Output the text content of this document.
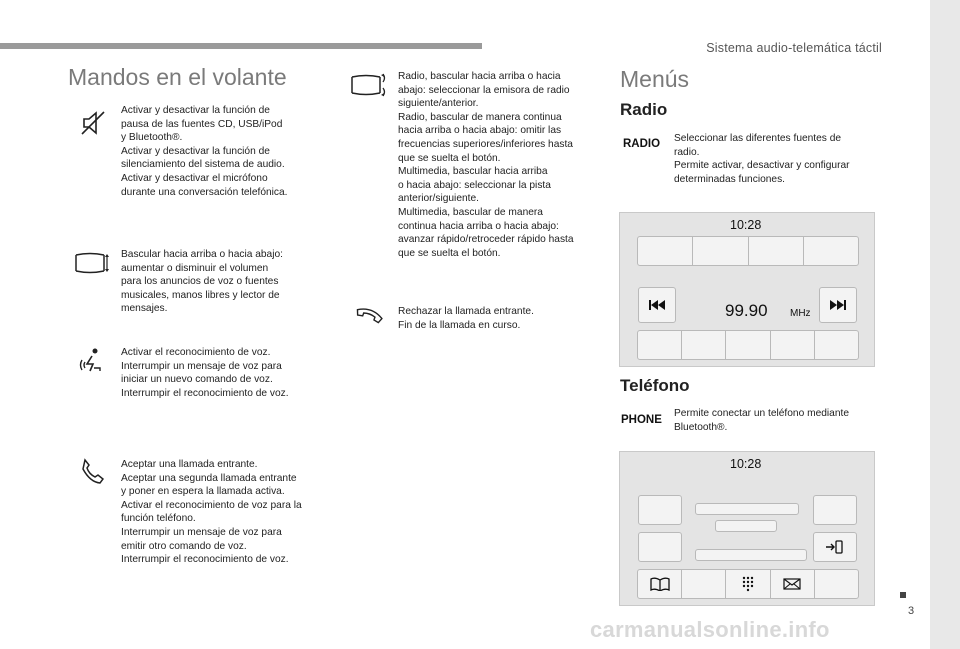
Sistema audio-telemática táctil
3
Mandos en el volante
Activar y desactivar la función de
pausa de las fuentes CD, USB/iPod
y Bluetooth®.
Activar y desactivar la función de
silenciamiento del sistema de audio.
Activar y desactivar el micrófono
durante una conversación telefónica.
Bascular hacia arriba o hacia abajo:
aumentar o disminuir el volumen
para los anuncios de voz o fuentes
musicales, manos libres y lector de
mensajes.
Activar el reconocimiento de voz.
Interrumpir un mensaje de voz para
iniciar un nuevo comando de voz.
Interrumpir el reconocimiento de voz.
Aceptar una llamada entrante.
Aceptar una segunda llamada entrante
y poner en espera la llamada activa.
Activar el reconocimiento de voz para la
función teléfono.
Interrumpir un mensaje de voz para
emitir otro comando de voz.
Interrumpir el reconocimiento de voz.
Radio, bascular hacia arriba o hacia
abajo: seleccionar la emisora de radio
siguiente/anterior.
Radio, bascular de manera continua
hacia arriba o hacia abajo: omitir las
frecuencias superiores/inferiores hasta
que se suelta el botón.
Multimedia, bascular hacia arriba
o hacia abajo: seleccionar la pista
anterior/siguiente.
Multimedia, bascular de manera
continua hacia arriba o hacia abajo:
avanzar rápido/retroceder rápido hasta
que se suelta el botón.
Rechazar la llamada entrante.
Fin de la llamada en curso.
Menús
Radio
RADIO Seleccionar las diferentes fuentes de
radio.
Permite activar, desactivar y configurar
determinadas funciones.
10:28
99.90 MHz
Teléfono
PHONE
Permite conectar un teléfono mediante
Bluetooth®.
10:28
carmanualsonline.info
